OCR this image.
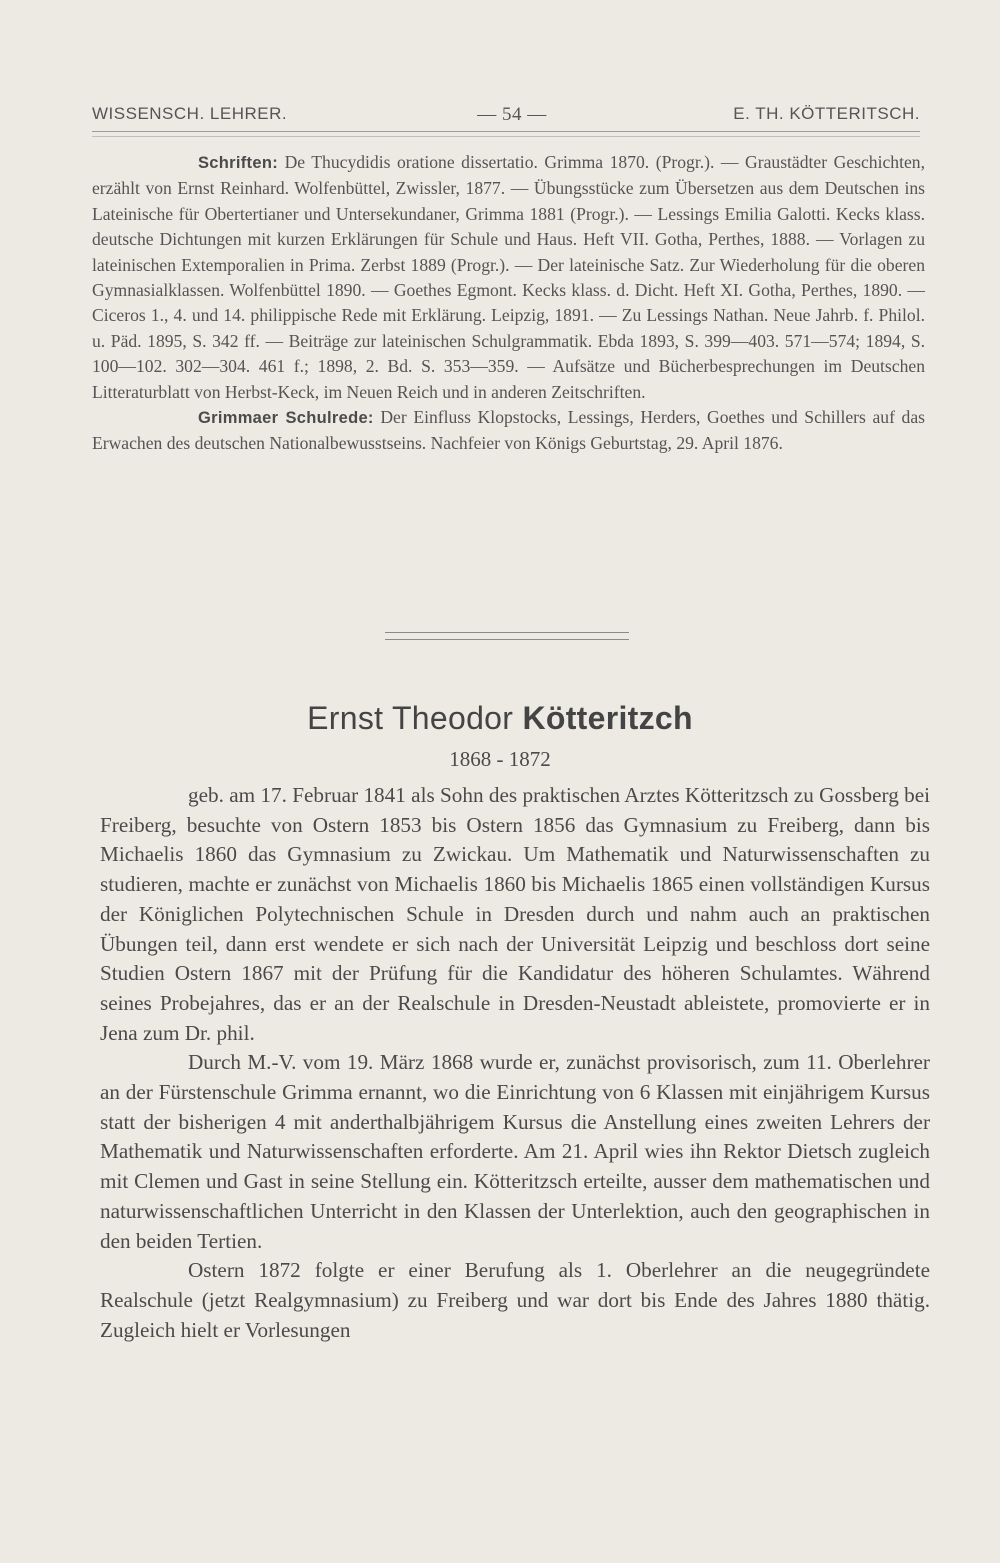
WISSENSCH. LEHRER.	— 54 —	E. TH. KÖTTERITSCH.

Schriften: De Thucydidis oratione dissertatio. Grimma 1870. (Progr.). — Graustädter Geschichten, erzählt von Ernst Reinhard. Wolfenbüttel, Zwissler, 1877. — Übungsstücke zum Übersetzen aus dem Deutschen ins Lateinische für Obertertianer und Untersekundaner, Grimma 1881 (Progr.). — Lessings Emilia Galotti. Kecks klass. deutsche Dichtungen mit kurzen Erklärungen für Schule und Haus. Heft VII. Gotha, Perthes, 1888. — Vorlagen zu lateinischen Extemporalien in Prima. Zerbst 1889 (Progr.). — Der lateinische Satz. Zur Wiederholung für die oberen Gymnasialklassen. Wolfenbüttel 1890. — Goethes Egmont. Kecks klass. d. Dicht. Heft XI. Gotha, Perthes, 1890. — Ciceros 1., 4. und 14. philippische Rede mit Erklärung. Leipzig, 1891. — Zu Lessings Nathan. Neue Jahrb. f. Philol. u. Päd. 1895, S. 342 ff. — Beiträge zur lateinischen Schulgrammatik. Ebda 1893, S. 399—403. 571—574; 1894, S. 100—102. 302—304. 461 f.; 1898, 2. Bd. S. 353—359. — Aufsätze und Bücherbesprechungen im Deutschen Litteraturblatt von Herbst-Keck, im Neuen Reich und in anderen Zeitschriften.

Grimmaer Schulrede: Der Einfluss Klopstocks, Lessings, Herders, Goethes und Schillers auf das Erwachen des deutschen Nationalbewusstseins. Nachfeier von Königs Geburtstag, 29. April 1876.

Ernst Theodor Kötteritzch
1868 - 1872

geb. am 17. Februar 1841 als Sohn des praktischen Arztes Kötteritzsch zu Gossberg bei Freiberg, besuchte von Ostern 1853 bis Ostern 1856 das Gymnasium zu Freiberg, dann bis Michaelis 1860 das Gymnasium zu Zwickau. Um Mathematik und Naturwissenschaften zu studieren, machte er zunächst von Michaelis 1860 bis Michaelis 1865 einen vollständigen Kursus der Königlichen Polytechnischen Schule in Dresden durch und nahm auch an praktischen Übungen teil, dann erst wendete er sich nach der Universität Leipzig und beschloss dort seine Studien Ostern 1867 mit der Prüfung für die Kandidatur des höheren Schulamtes. Während seines Probejahres, das er an der Realschule in Dresden-Neustadt ableistete, promovierte er in Jena zum Dr. phil.

Durch M.-V. vom 19. März 1868 wurde er, zunächst provisorisch, zum 11. Oberlehrer an der Fürstenschule Grimma ernannt, wo die Einrichtung von 6 Klassen mit einjährigem Kursus statt der bisherigen 4 mit anderthalbjährigem Kursus die Anstellung eines zweiten Lehrers der Mathematik und Naturwissenschaften erforderte. Am 21. April wies ihn Rektor Dietsch zugleich mit Clemen und Gast in seine Stellung ein. Kötteritzsch erteilte, ausser dem mathematischen und naturwissenschaftlichen Unterricht in den Klassen der Unterlektion, auch den geographischen in den beiden Tertien.

Ostern 1872 folgte er einer Berufung als 1. Oberlehrer an die neugegründete Realschule (jetzt Realgymnasium) zu Freiberg und war dort bis Ende des Jahres 1880 thätig. Zugleich hielt er Vorlesungen
